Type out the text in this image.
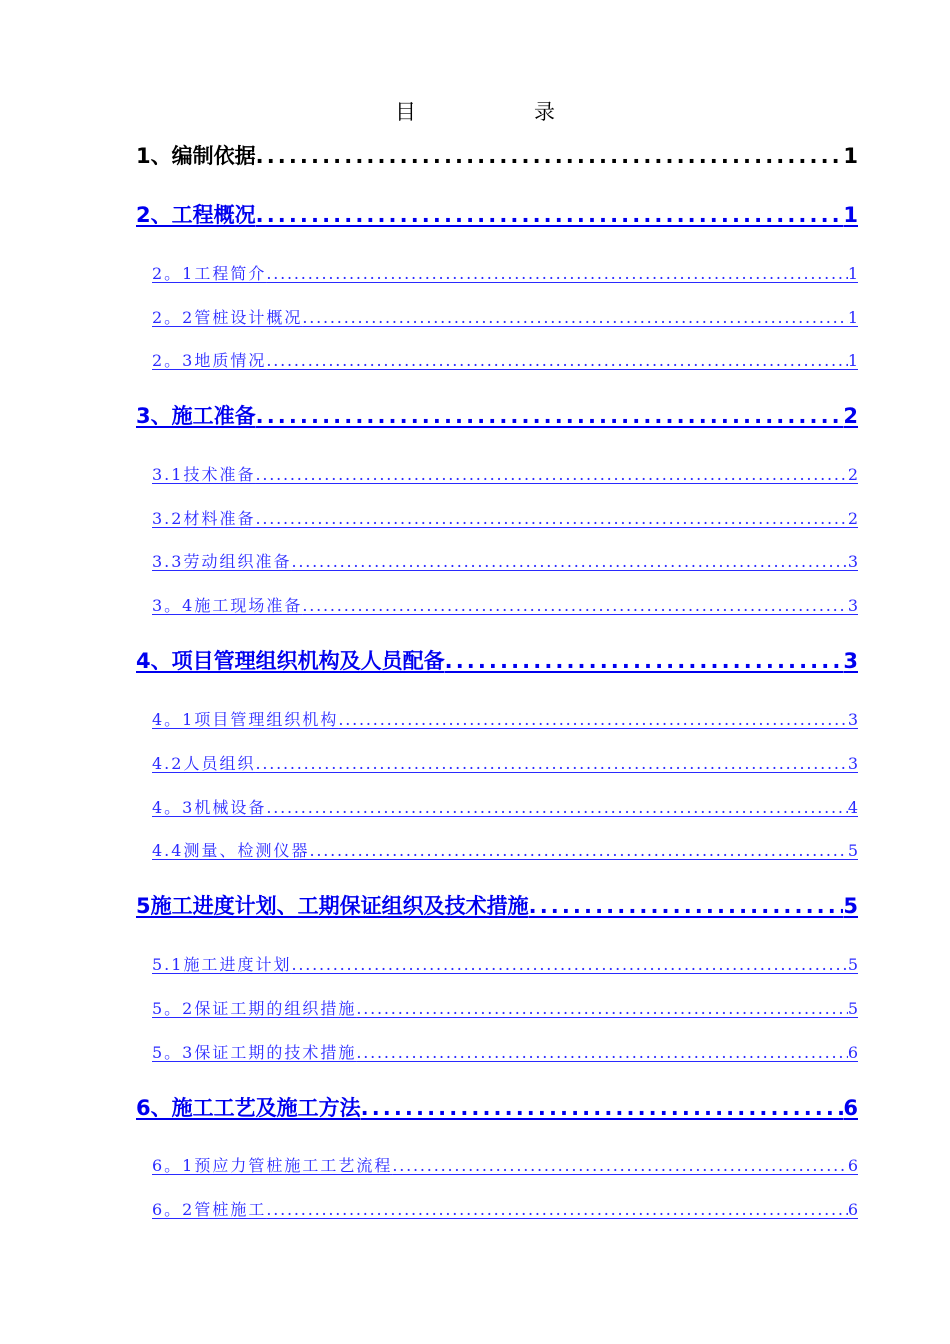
目	录
1、编制依据 .....	1
2、工程概况 .....	1
2。1工程简介 .....	1
2。2管桩设计概况 .....	1
2。3地质情况 .....	1
3、施工准备 .....	2
3.1技术准备 .....	2
3.2材料准备 .....	2
3.3劳动组织准备 .....	3
3。4施工现场准备 .....	3
4、项目管理组织机构及人员配备 .....	3
4。1项目管理组织机构 .....	3
4.2人员组织 .....	3
4。3机械设备 .....	4
4.4测量、检测仪器 .....	5
5施工进度计划、工期保证组织及技术措施 .....	5
5.1施工进度计划 .....	5
5。2保证工期的组织措施 .....	5
5。3保证工期的技术措施 .....	6
6、施工工艺及施工方法 .....	6
6。1预应力管桩施工工艺流程 .....	6
6。2管桩施工 .....	6
